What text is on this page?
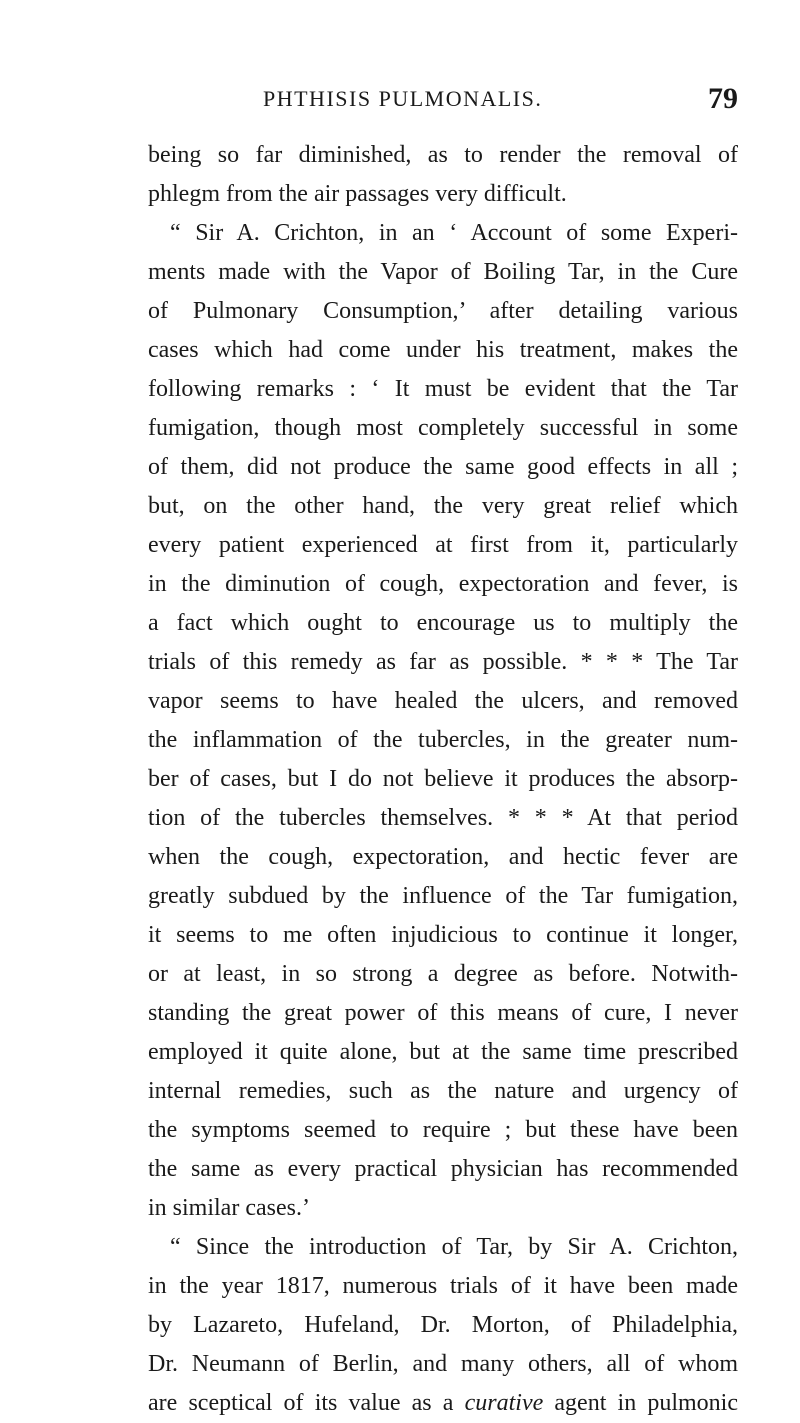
PHTHISIS PULMONALIS.	79
being so far diminished, as to render the removal of
phlegm from the air passages very difficult.
“ Sir A. Crichton, in an ‘ Account of some Experi-
ments made with the Vapor of Boiling Tar, in the Cure
of Pulmonary Consumption,’ after detailing various
cases which had come under his treatment, makes the
following remarks : ‘ It must be evident that the Tar
fumigation, though most completely successful in some
of them, did not produce the same good effects in all ;
but, on the other hand, the very great relief which
every patient experienced at first from it, particularly
in the diminution of cough, expectoration and fever, is
a fact which ought to encourage us to multiply the
trials of this remedy as far as possible. * * * The Tar
vapor seems to have healed the ulcers, and removed
the inflammation of the tubercles, in the greater num-
ber of cases, but I do not believe it produces the absorp-
tion of the tubercles themselves. * * * At that period
when the cough, expectoration, and hectic fever are
greatly subdued by the influence of the Tar fumigation,
it seems to me often injudicious to continue it longer,
or at least, in so strong a degree as before. Notwith-
standing the great power of this means of cure, I never
employed it quite alone, but at the same time prescribed
internal remedies, such as the nature and urgency of
the symptoms seemed to require ; but these have been
the same as every practical physician has recommended
in similar cases.’
“ Since the introduction of Tar, by Sir A. Crichton,
in the year 1817, numerous trials of it have been made
by Lazareto, Hufeland, Dr. Morton, of Philadelphia,
Dr. Neumann of Berlin, and many others, all of whom
are sceptical of its value as a curative agent in pulmonic
